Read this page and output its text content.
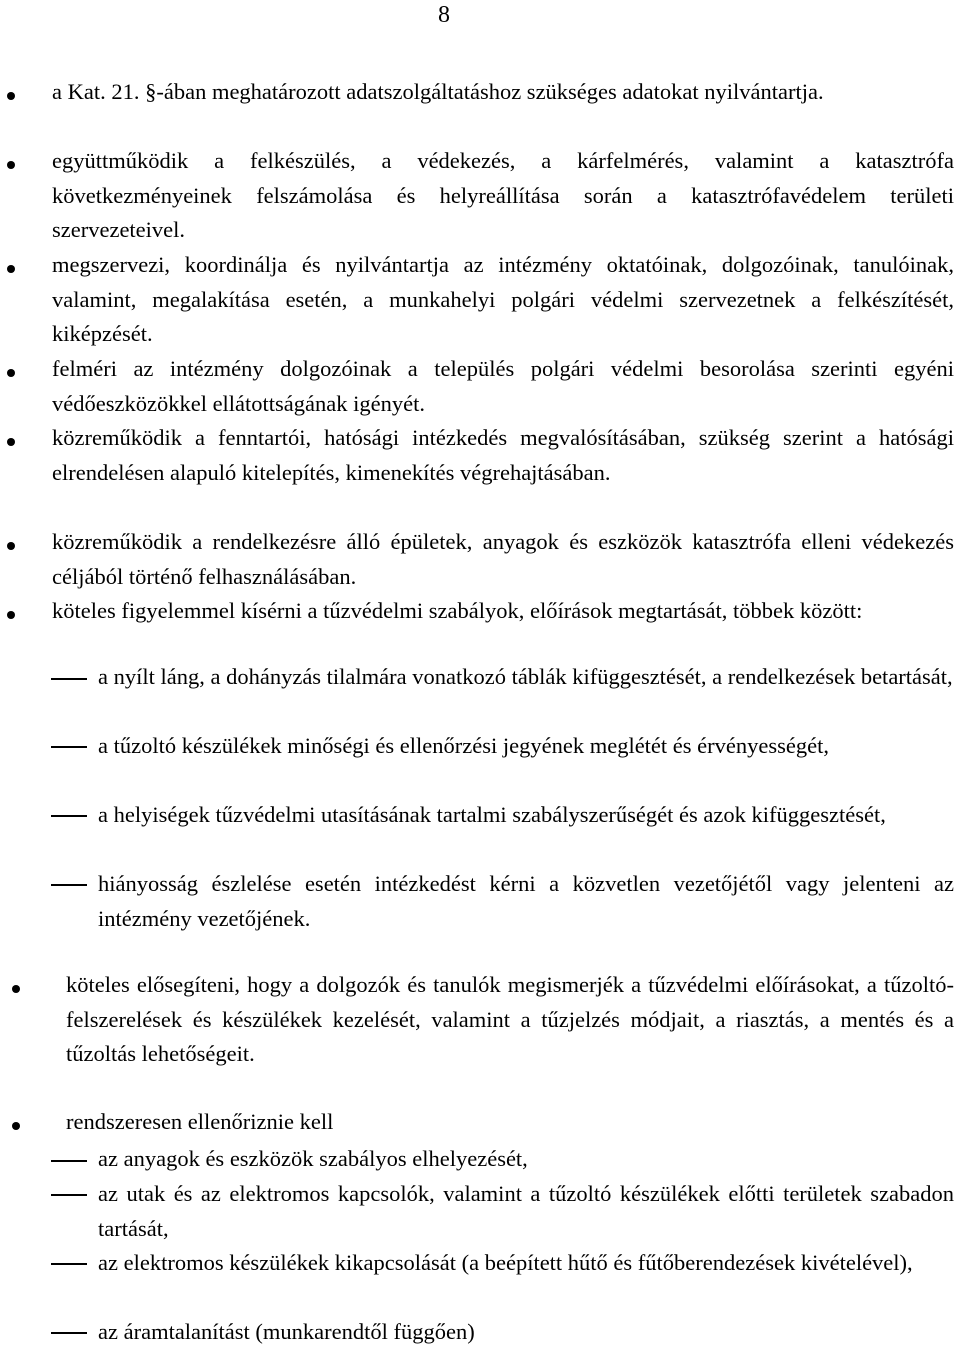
8
a Kat. 21. §-ában meghatározott adatszolgáltatáshoz szükséges adatokat nyilvántartja.
együttműködik a felkészülés, a védekezés, a kárfelmérés, valamint a katasztrófa következményeinek felszámolása és helyreállítása során a katasztrófavédelem területi szervezeteivel.
megszervezi, koordinálja és nyilvántartja az intézmény oktatóinak, dolgozóinak, tanulóinak, valamint, megalakítása esetén, a munkahelyi polgári védelmi szervezetnek a felkészítését, kiképzését.
felméri az intézmény dolgozóinak a település polgári védelmi besorolása szerinti egyéni védőeszközökkel ellátottságának igényét.
közreműködik a fenntartói, hatósági intézkedés megvalósításában, szükség szerint a hatósági elrendelésen alapuló kitelepítés, kimenekítés végrehajtásában.
közreműködik a rendelkezésre álló épületek, anyagok és eszközök katasztrófa elleni védekezés céljából történő felhasználásában.
köteles figyelemmel kísérni a tűzvédelmi szabályok, előírások megtartását, többek között:
a nyílt láng, a dohányzás tilalmára vonatkozó táblák kifüggesztését, a rendelkezések betartását,
a tűzoltó készülékek minőségi és ellenőrzési jegyének meglétét és érvényességét,
a helyiségek tűzvédelmi utasításának tartalmi szabályszerűségét és azok kifüggesztését,
hiányosság észlelése esetén intézkedést kérni a közvetlen vezetőjétől vagy jelenteni az intézmény vezetőjének.
köteles elősegíteni, hogy a dolgozók és tanulók megismerjék a tűzvédelmi előírásokat, a tűzoltó-felszerelések és készülékek kezelését, valamint a tűzjelzés módjait, a riasztás, a mentés és a tűzoltás lehetőségeit.
rendszeresen ellenőriznie kell
az anyagok és eszközök szabályos elhelyezését,
az utak és az elektromos kapcsolók, valamint a tűzoltó készülékek előtti területek szabadon tartását,
az elektromos készülékek kikapcsolását (a beépített hűtő és fűtőberendezések kivételével),
az áramtalanítást (munkarendtől függően)
